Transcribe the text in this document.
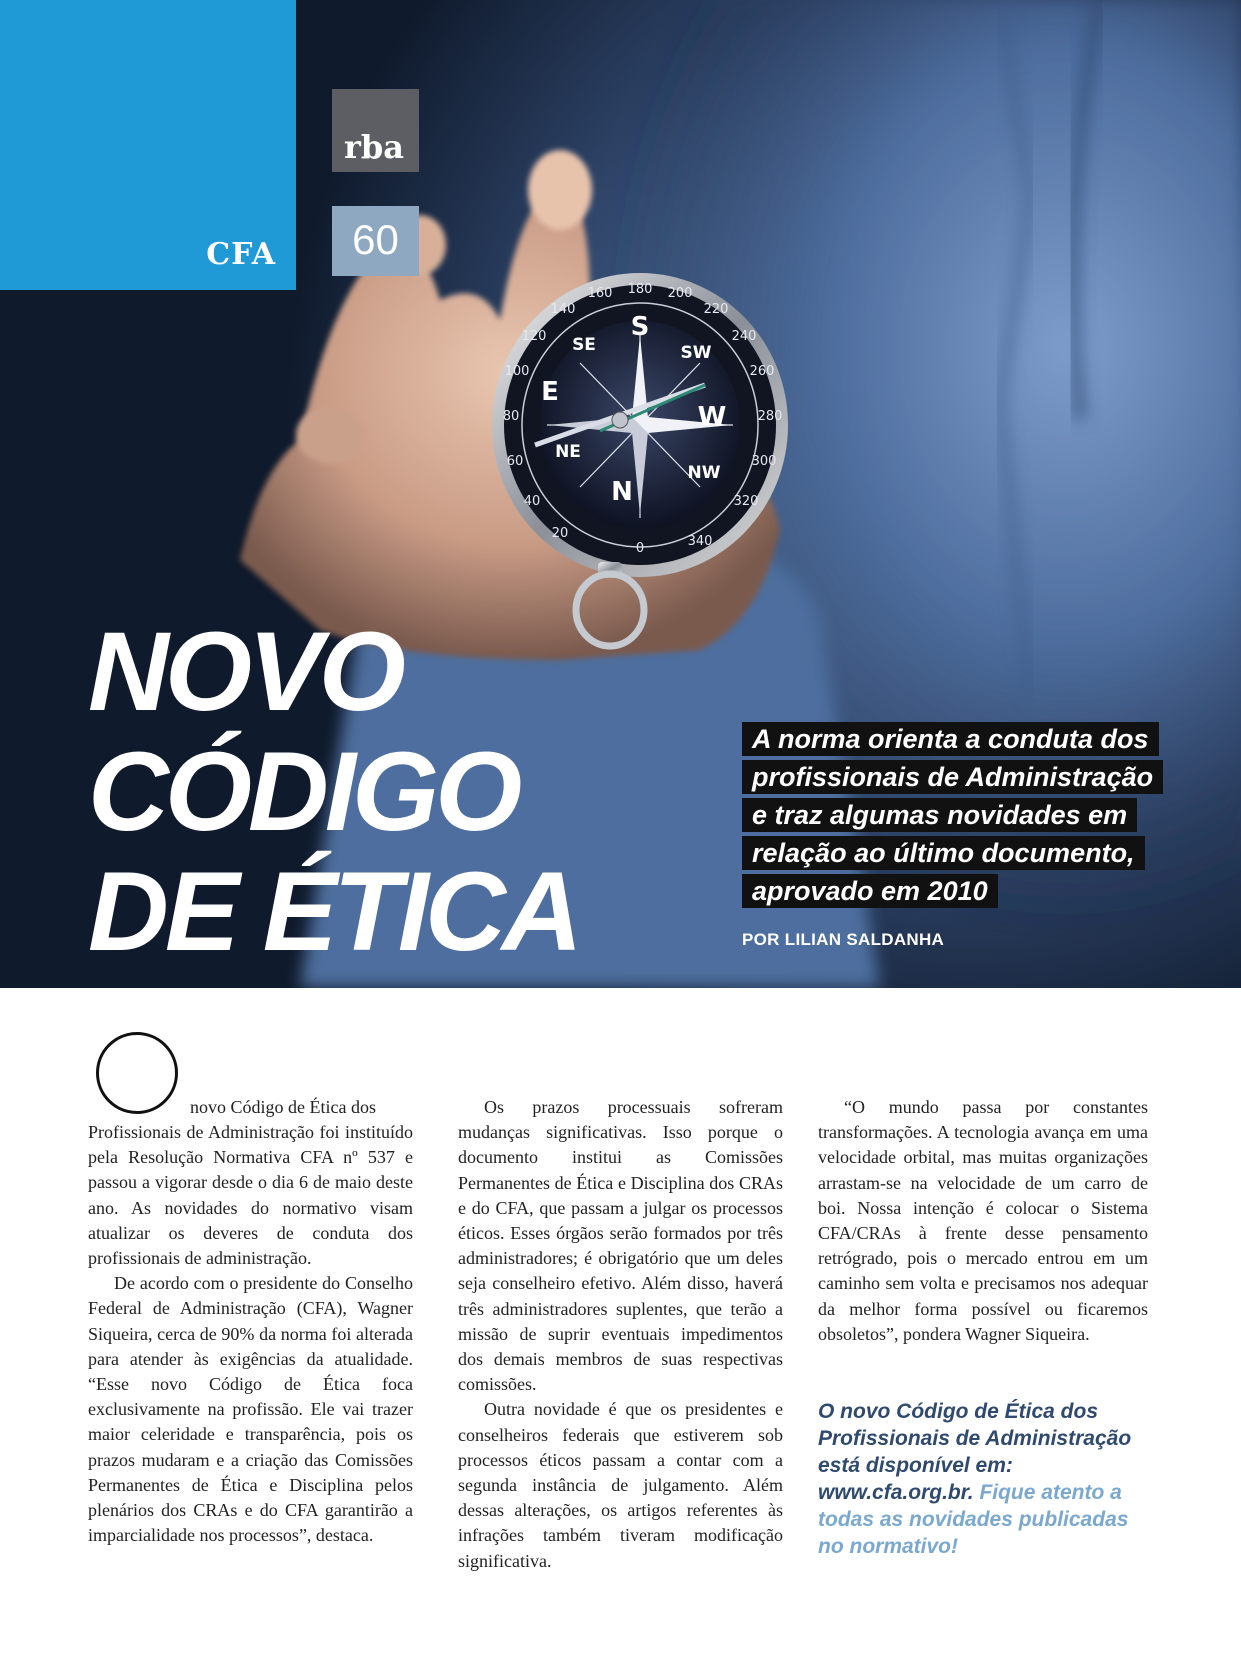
160 180 200
140	220
120	240
100	260
80	280
60	300
40	320
20
0	340
S
SE	SW
E
W
NE
NW
N
CFA
rba
60
NOVO
CÓDIGO
DE ÉTICA
A norma orienta a conduta dos profissionais de Administração e traz algumas novidades em relação ao último documento, aprovado em 2010
POR LILIAN SALDANHA
novo Código de Ética dos

Profissionais de Administração foi instituído pela Resolução Normativa CFA nº 537 e passou a vigorar desde o dia 6 de maio deste ano. As novidades do normativo visam atualizar os deveres de conduta dos profissionais de administração.

De acordo com o presidente do Conselho Federal de Administração (CFA), Wagner Siqueira, cerca de 90% da norma foi alterada para atender às exigências da atualidade. “Esse novo Código de Ética foca exclusivamente na profissão. Ele vai trazer maior celeridade e transparência, pois os prazos mudaram e a criação das Comissões Permanentes de Ética e Disciplina pelos plenários dos CRAs e do CFA garantirão a imparcialidade nos processos”, destaca.

Os prazos processuais sofreram mudanças significativas. Isso porque o documento institui as Comissões Permanentes de Ética e Disciplina dos CRAs e do CFA, que passam a julgar os processos éticos. Esses órgãos serão formados por três administradores; é obrigatório que um deles seja conselheiro efetivo. Além disso, haverá três administradores suplentes, que terão a missão de suprir eventuais impedimentos dos demais membros de suas respectivas comissões.

Outra novidade é que os presidentes e conselheiros federais que estiverem sob processos éticos passam a contar com a segunda instância de julgamento. Além dessas alterações, os artigos referentes às infrações também tiveram modificação significativa.

“O mundo passa por constantes transformações. A tecnologia avança em uma velocidade orbital, mas muitas organizações arrastam-se na velocidade de um carro de boi. Nossa intenção é colocar o Sistema CFA/CRAs à frente desse pensamento retrógrado, pois o mercado entrou em um caminho sem volta e precisamos nos adequar da melhor forma possível ou ficaremos obsoletos”, pondera Wagner Siqueira.

O novo Código de Ética dos Profissionais de Administração está disponível em: www.cfa.org.br. Fique atento a todas as novidades publicadas no normativo!
